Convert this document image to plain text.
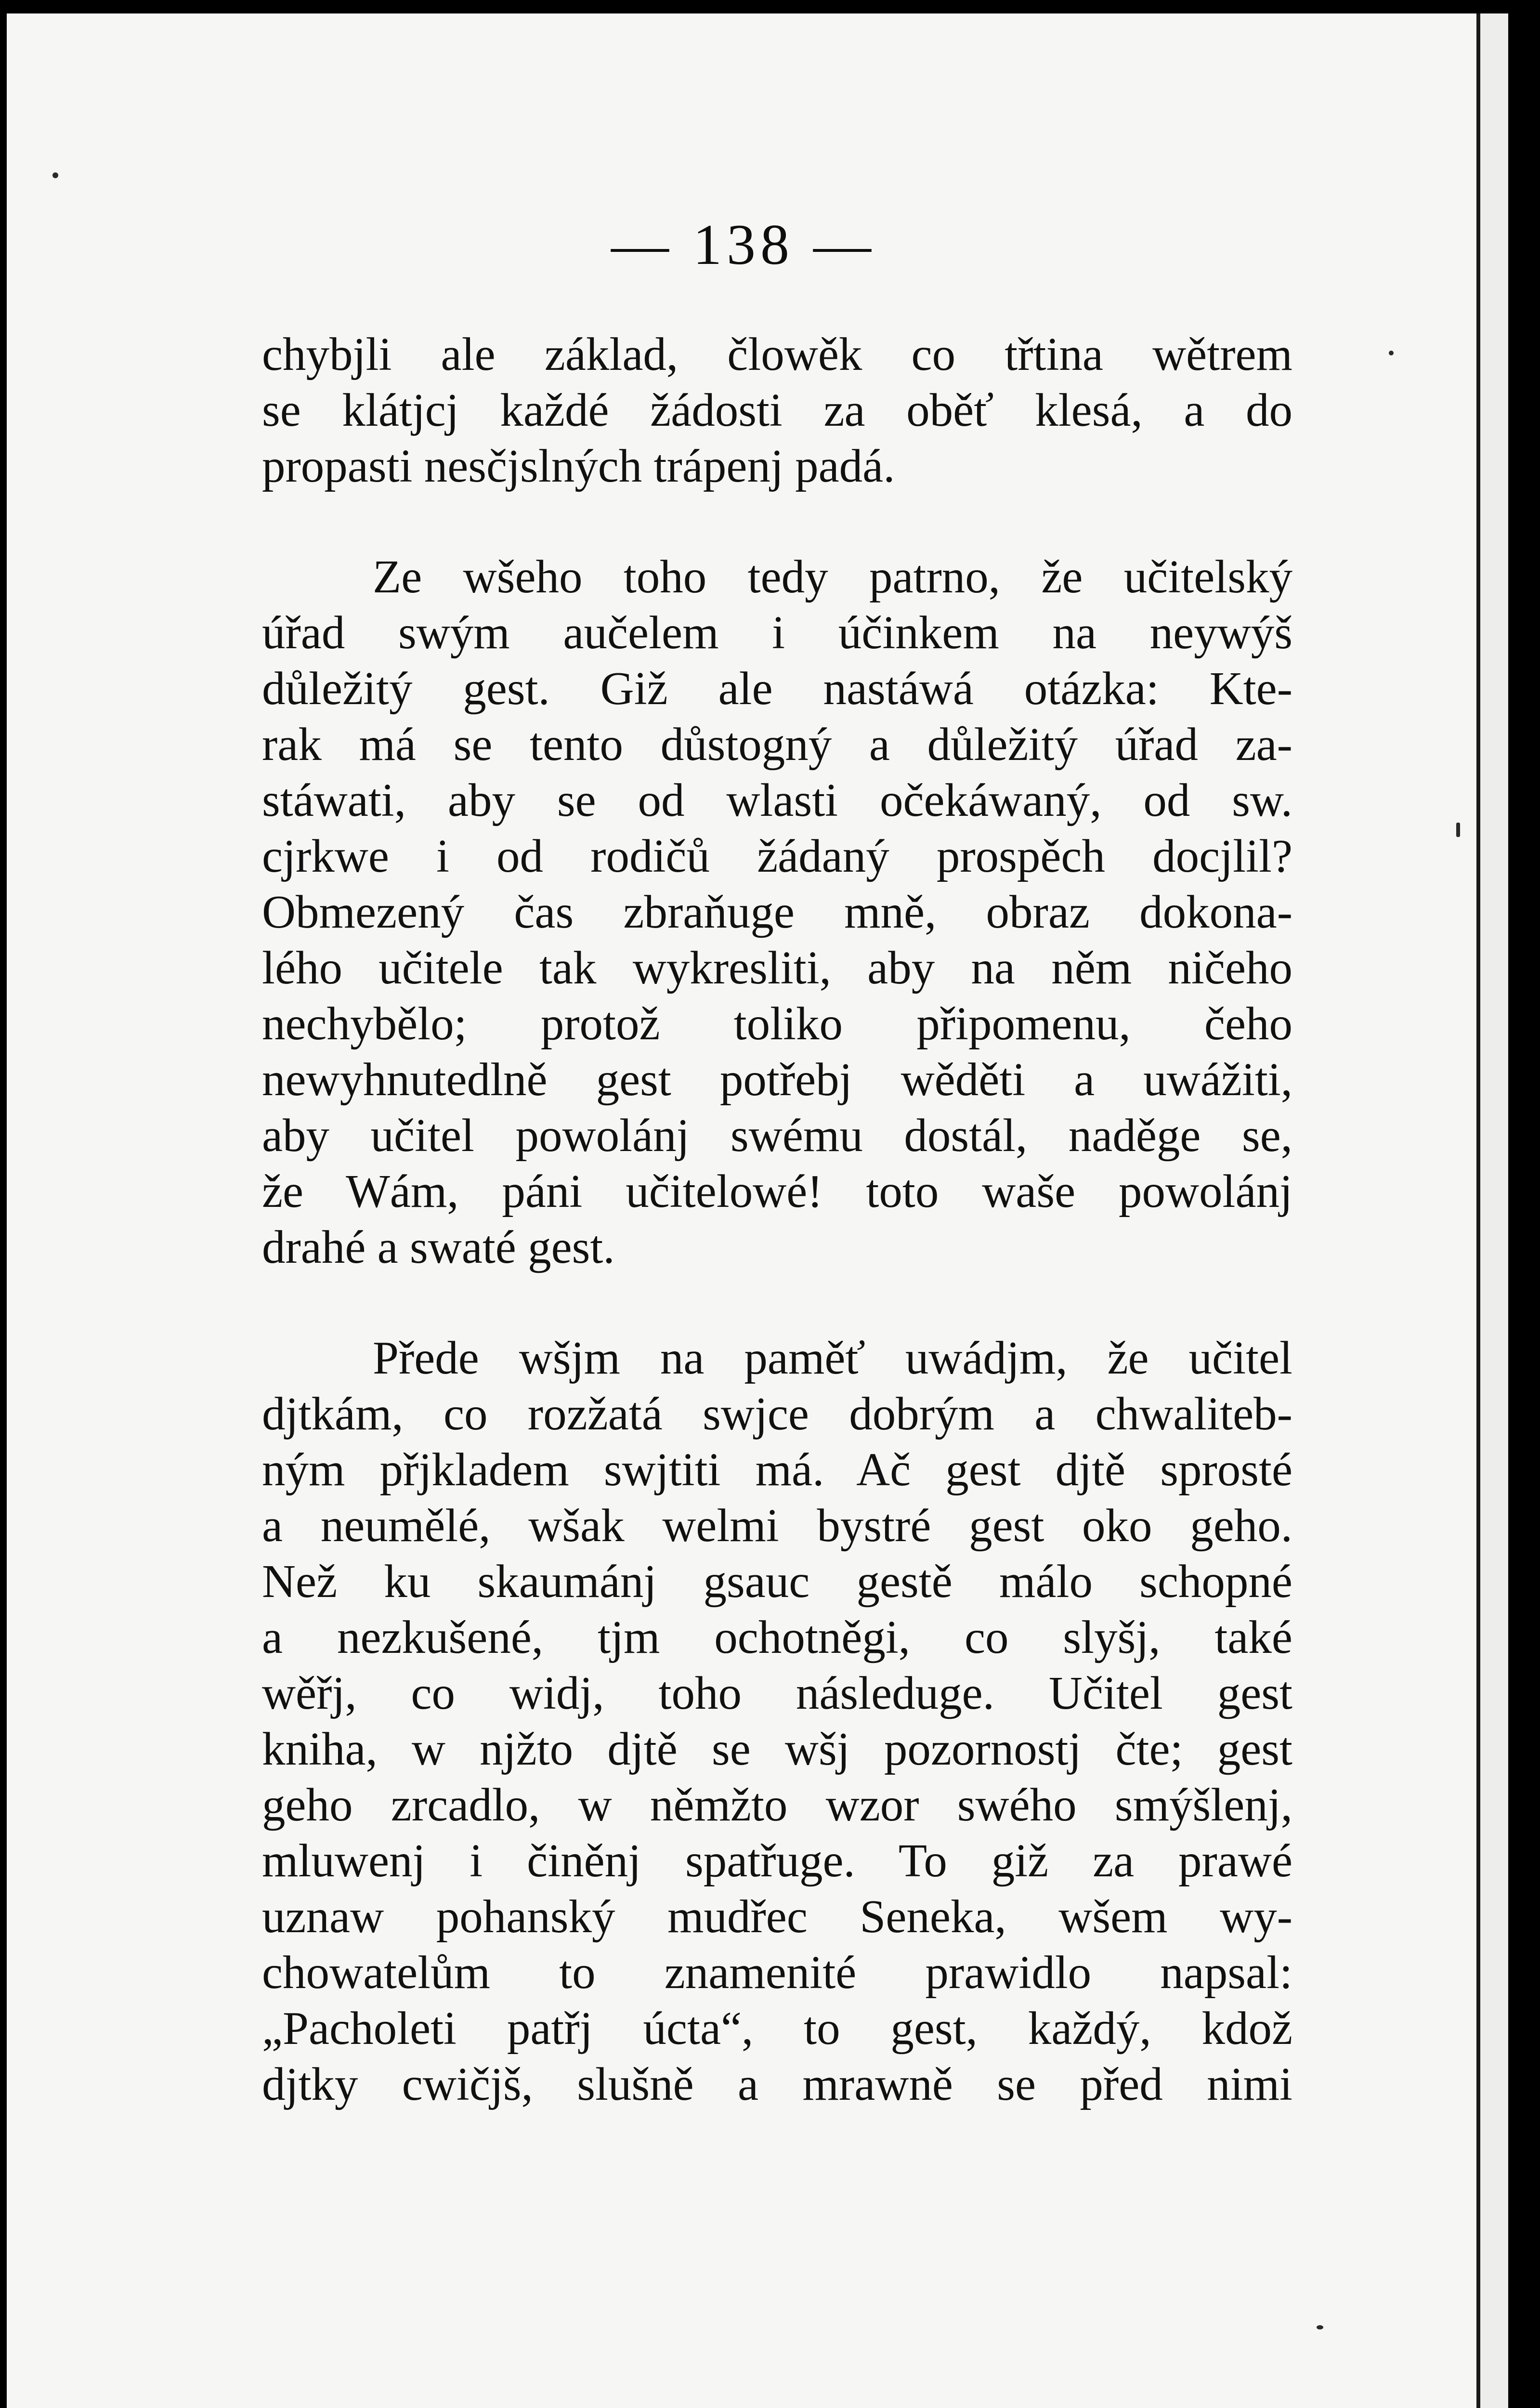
— 138 —
chybjli ale základ, člowěk co třtina wětrem
se klátjcj každé žádosti za oběť klesá, a do
propasti nesčjslných trápenj padá.
Ze wšeho toho tedy patrno, že učitelský
úřad swým aučelem i účinkem na neywýš
důležitý gest. Giž ale nastáwá otázka: Kte-
rak má se tento důstogný a důležitý úřad za-
stáwati, aby se od wlasti očekáwaný, od sw.
cjrkwe i od rodičů žádaný prospěch docjlil?
Obmezený čas zbraňuge mně, obraz dokona-
lého učitele tak wykresliti, aby na něm ničeho
nechybělo; protož toliko připomenu, čeho
newyhnutedlně gest potřebj wěděti a uwážiti,
aby učitel powolánj swému dostál, naděge se,
že Wám, páni učitelowé! toto waše powolánj
drahé a swaté gest.
Přede wšjm na paměť uwádjm, že učitel
djtkám, co rozžatá swjce dobrým a chwaliteb-
ným přjkladem swjtiti má. Ač gest djtě sprosté
a neumělé, wšak welmi bystré gest oko geho.
Než ku skaumánj gsauc gestě málo schopné
a nezkušené, tjm ochotněgi, co slyšj, také
wěřj, co widj, toho následuge. Učitel gest
kniha, w njžto djtě se wšj pozornostj čte; gest
geho zrcadlo, w němžto wzor swého smýšlenj,
mluwenj i činěnj spatřuge. To giž za prawé
uznaw pohanský mudřec Seneka, wšem wy-
chowatelům to znamenité prawidlo napsal:
„Pacholeti patřj úcta“, to gest, každý, kdož
djtky cwičjš, slušně a mrawně se před nimi
